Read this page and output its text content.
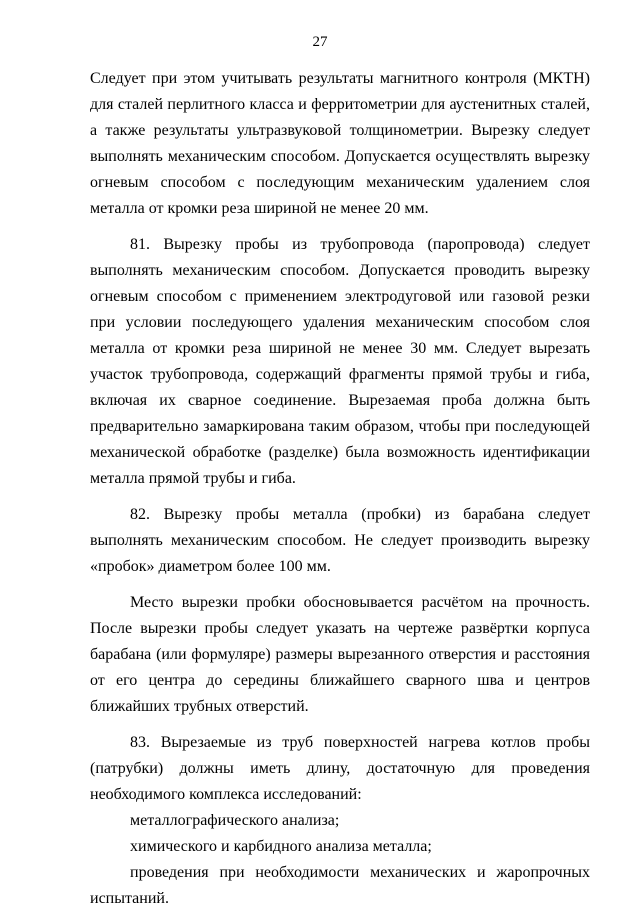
27

Следует при этом учитывать результаты магнитного контроля (МКТН) для сталей перлитного класса и ферритометрии для аустенитных сталей, а также результаты ультразвуковой толщинометрии. Вырезку следует выполнять механическим способом. Допускается осуществлять вырезку огневым способом с последующим механическим удалением слоя металла от кромки реза шириной не менее 20 мм.

81. Вырезку пробы из трубопровода (паропровода) следует выполнять механическим способом. Допускается проводить вырезку огневым способом с применением электродуговой или газовой резки при условии последующего удаления механическим способом слоя металла от кромки реза шириной не менее 30 мм. Следует вырезать участок трубопровода, содержащий фрагменты прямой трубы и гиба, включая их сварное соединение. Вырезаемая проба должна быть предварительно замаркирована таким образом, чтобы при последующей механической обработке (разделке) была возможность идентификации металла прямой трубы и гиба.

82. Вырезку пробы металла (пробки) из барабана следует выполнять механическим способом. Не следует производить вырезку «пробок» диаметром более 100 мм.

Место вырезки пробки обосновывается расчётом на прочность. После вырезки пробы следует указать на чертеже развёртки корпуса барабана (или формуляре) размеры вырезанного отверстия и расстояния от его центра до середины ближайшего сварного шва и центров ближайших трубных отверстий.

83. Вырезаемые из труб поверхностей нагрева котлов пробы (патрубки) должны иметь длину, достаточную для проведения необходимого комплекса исследований:

металлографического анализа;

химического и карбидного анализа металла;

проведения при необходимости механических и жаропрочных испытаний.
